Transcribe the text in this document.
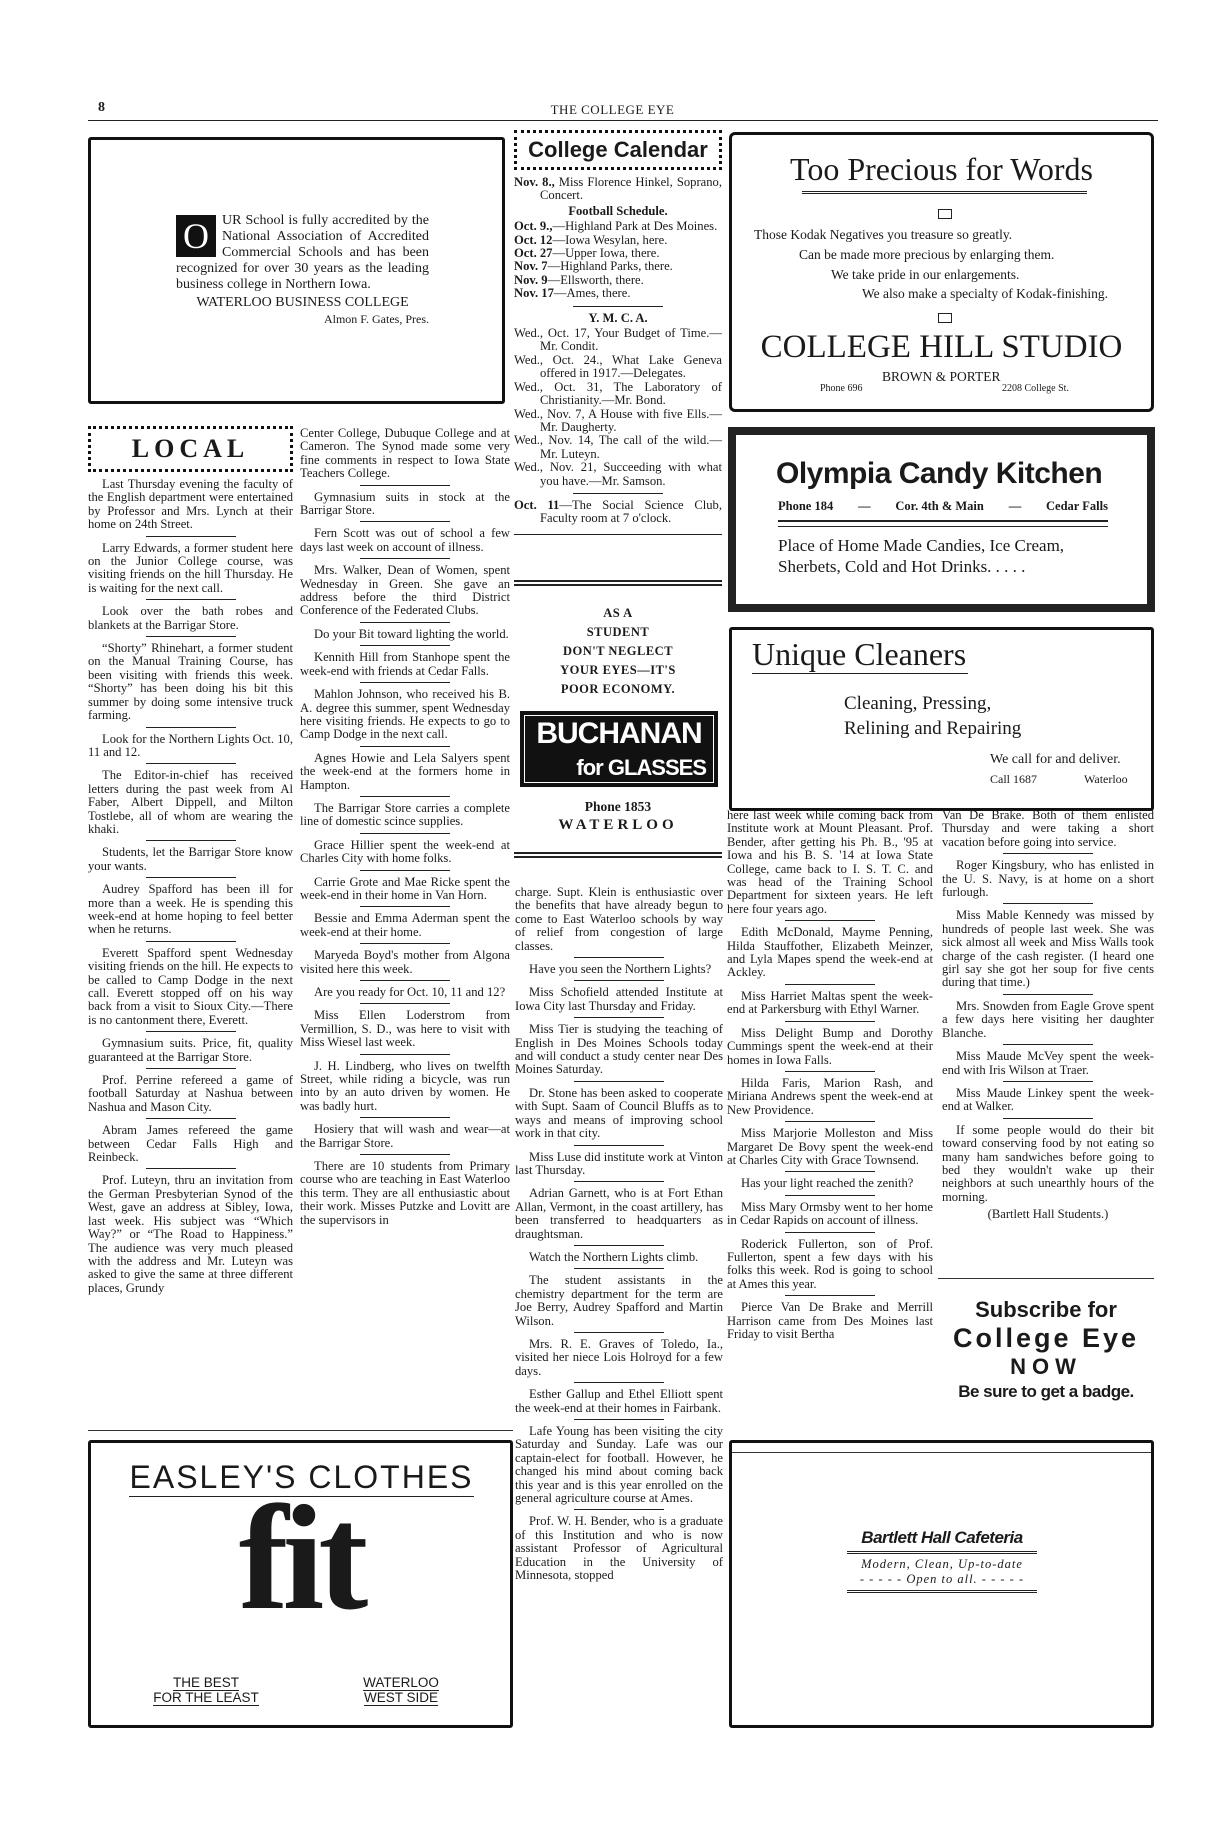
8	THE COLLEGE EYE
O UR School is fully accredited by the National Association of Accredited Commercial Schools and has been recognized for over 30 years as the leading business college in Northern Iowa.
WATERLOO BUSINESS COLLEGE
Almon F. Gates, Pres.
College Calendar

Nov. 8., Miss Florence Hinkel, Soprano, Concert.

Football Schedule.

Oct. 9.,—Highland Park at Des Moines.

Oct. 12—Iowa Wesylan, here.

Oct. 27—Upper Iowa, there.

Nov. 7—Highland Parks, there.

Nov. 9—Ellsworth, there.

Nov. 17—Ames, there.

Y. M. C. A.

Wed., Oct. 17, Your Budget of Time.—Mr. Condit.

Wed., Oct. 24., What Lake Geneva offered in 1917.—Delegates.

Wed., Oct. 31, The Laboratory of Christianity.—Mr. Bond.

Wed., Nov. 7, A House with five Ells.—Mr. Daugherty.

Wed., Nov. 14, The call of the wild.—Mr. Luteyn.

Wed., Nov. 21, Succeeding with what you have.—Mr. Samson.

Oct. 11—The Social Science Club, Faculty room at 7 o'clock.

Too Precious for Words
Those Kodak Negatives you treasure so greatly.
Can be made more precious by enlarging them.
We take pride in our enlargements.
We also make a specialty of Kodak-finishing.
COLLEGE HILL STUDIO
BROWN & PORTER
Phone 696	2208 College St.
Olympia Candy Kitchen
Phone 184 — Cor. 4th & Main — Cedar Falls
Place of Home Made Candies, Ice Cream, Sherbets, Cold and Hot Drinks. . . . .
Unique Cleaners
Cleaning, Pressing,
Relining and Repairing
We call for and deliver.
Call 1687	Waterloo
AS A
STUDENT
DON'T NEGLECT
YOUR EYES—IT'S
POOR ECONOMY.
BUCHANAN
for GLASSES
Phone 1853
WATERLOO
LOCAL

Last Thursday evening the faculty of the English department were entertained by Professor and Mrs. Lynch at their home on 24th Street.

Larry Edwards, a former student here on the Junior College course, was visiting friends on the hill Thursday. He is waiting for the next call.

Look over the bath robes and blankets at the Barrigar Store.

“Shorty” Rhinehart, a former student on the Manual Training Course, has been visiting with friends this week. “Shorty” has been doing his bit this summer by doing some intensive truck farming.

Look for the Northern Lights Oct. 10, 11 and 12.

The Editor-in-chief has received letters during the past week from Al Faber, Albert Dippell, and Milton Tostlebe, all of whom are wearing the khaki.

Students, let the Barrigar Store know your wants.

Audrey Spafford has been ill for more than a week. He is spending this week-end at home hoping to feel better when he returns.

Everett Spafford spent Wednesday visiting friends on the hill. He expects to be called to Camp Dodge in the next call. Everett stopped off on his way back from a visit to Sioux City.—There is no cantonment there, Everett.

Gymnasium suits. Price, fit, quality guaranteed at the Barrigar Store.

Prof. Perrine refereed a game of football Saturday at Nashua between Nashua and Mason City.

Abram James refereed the game between Cedar Falls High and Reinbeck.

Prof. Luteyn, thru an invitation from the German Presbyterian Synod of the West, gave an address at Sibley, Iowa, last week. His subject was “Which Way?” or “The Road to Happiness.” The audience was very much pleased with the address and Mr. Luteyn was asked to give the same at three different places, Grundy

Center College, Dubuque College and at Cameron. The Synod made some very fine comments in respect to Iowa State Teachers College.

Gymnasium suits in stock at the Barrigar Store.

Fern Scott was out of school a few days last week on account of illness.

Mrs. Walker, Dean of Women, spent Wednesday in Green. She gave an address before the third District Conference of the Federated Clubs.

Do your Bit toward lighting the world.

Kennith Hill from Stanhope spent the week-end with friends at Cedar Falls.

Mahlon Johnson, who received his B. A. degree this summer, spent Wednesday here visiting friends. He expects to go to Camp Dodge in the next call.

Agnes Howie and Lela Salyers spent the week-end at the formers home in Hampton.

The Barrigar Store carries a complete line of domestic scince supplies.

Grace Hillier spent the week-end at Charles City with home folks.

Carrie Grote and Mae Ricke spent the week-end in their home in Van Horn.

Bessie and Emma Aderman spent the week-end at their home.

Maryeda Boyd's mother from Algona visited here this week.

Are you ready for Oct. 10, 11 and 12?

Miss Ellen Loderstrom from Vermillion, S. D., was here to visit with Miss Wiesel last week.

J. H. Lindberg, who lives on twelfth Street, while riding a bicycle, was run into by an auto driven by women. He was badly hurt.

Hosiery that will wash and wear—at the Barrigar Store.

There are 10 students from Primary course who are teaching in East Waterloo this term. They are all enthusiastic about their work. Misses Putzke and Lovitt are the supervisors in

charge. Supt. Klein is enthusiastic over the benefits that have already begun to come to East Waterloo schools by way of relief from congestion of large classes.

Have you seen the Northern Lights?

Miss Schofield attended Institute at Iowa City last Thursday and Friday.

Miss Tier is studying the teaching of English in Des Moines Schools today and will conduct a study center near Des Moines Saturday.

Dr. Stone has been asked to cooperate with Supt. Saam of Council Bluffs as to ways and means of improving school work in that city.

Miss Luse did institute work at Vinton last Thursday.

Adrian Garnett, who is at Fort Ethan Allan, Vermont, in the coast artillery, has been transferred to headquarters as draughtsman.

Watch the Northern Lights climb.

The student assistants in the chemistry department for the term are Joe Berry, Audrey Spafford and Martin Wilson.

Mrs. R. E. Graves of Toledo, Ia., visited her niece Lois Holroyd for a few days.

Esther Gallup and Ethel Elliott spent the week-end at their homes in Fairbank.

Lafe Young has been visiting the city Saturday and Sunday. Lafe was our captain-elect for football. However, he changed his mind about coming back this year and is this year enrolled on the general agriculture course at Ames.

Prof. W. H. Bender, who is a graduate of this Institution and who is now assistant Professor of Agricultural Education in the University of Minnesota, stopped

here last week while coming back from Institute work at Mount Pleasant. Prof. Bender, after getting his Ph. B., '95 at Iowa and his B. S. '14 at Iowa State College, came back to I. S. T. C. and was head of the Training School Department for sixteen years. He left here four years ago.

Edith McDonald, Mayme Penning, Hilda Stauffother, Elizabeth Meinzer, and Lyla Mapes spend the week-end at Ackley.

Miss Harriet Maltas spent the week-end at Parkersburg with Ethyl Warner.

Miss Delight Bump and Dorothy Cummings spent the week-end at their homes in Iowa Falls.

Hilda Faris, Marion Rash, and Miriana Andrews spent the week-end at New Providence.

Miss Marjorie Molleston and Miss Margaret De Bovy spent the week-end at Charles City with Grace Townsend.

Has your light reached the zenith?

Miss Mary Ormsby went to her home in Cedar Rapids on account of illness.

Roderick Fullerton, son of Prof. Fullerton, spent a few days with his folks this week. Rod is going to school at Ames this year.

Pierce Van De Brake and Merrill Harrison came from Des Moines last Friday to visit Bertha

Van De Brake. Both of them enlisted Thursday and were taking a short vacation before going into service.

Roger Kingsbury, who has enlisted in the U. S. Navy, is at home on a short furlough.

Miss Mable Kennedy was missed by hundreds of people last week. She was sick almost all week and Miss Walls took charge of the cash register. (I heard one girl say she got her soup for five cents during that time.)

Mrs. Snowden from Eagle Grove spent a few days here visiting her daughter Blanche.

Miss Maude McVey spent the week-end with Iris Wilson at Traer.

Miss Maude Linkey spent the week-end at Walker.

If some people would do their bit toward conserving food by not eating so many ham sandwiches before going to bed they wouldn't wake up their neighbors at such unearthly hours of the morning.

(Bartlett Hall Students.)
Subscribe for
College Eye
NOW
Be sure to get a badge.
EASLEY'S CLOTHES
fit
THE BEST
FOR THE LEAST
WATERLOO
WEST SIDE
Bartlett Hall Cafeteria
Modern, Clean, Up-to-date
- - - - - Open to all. - - - - -
